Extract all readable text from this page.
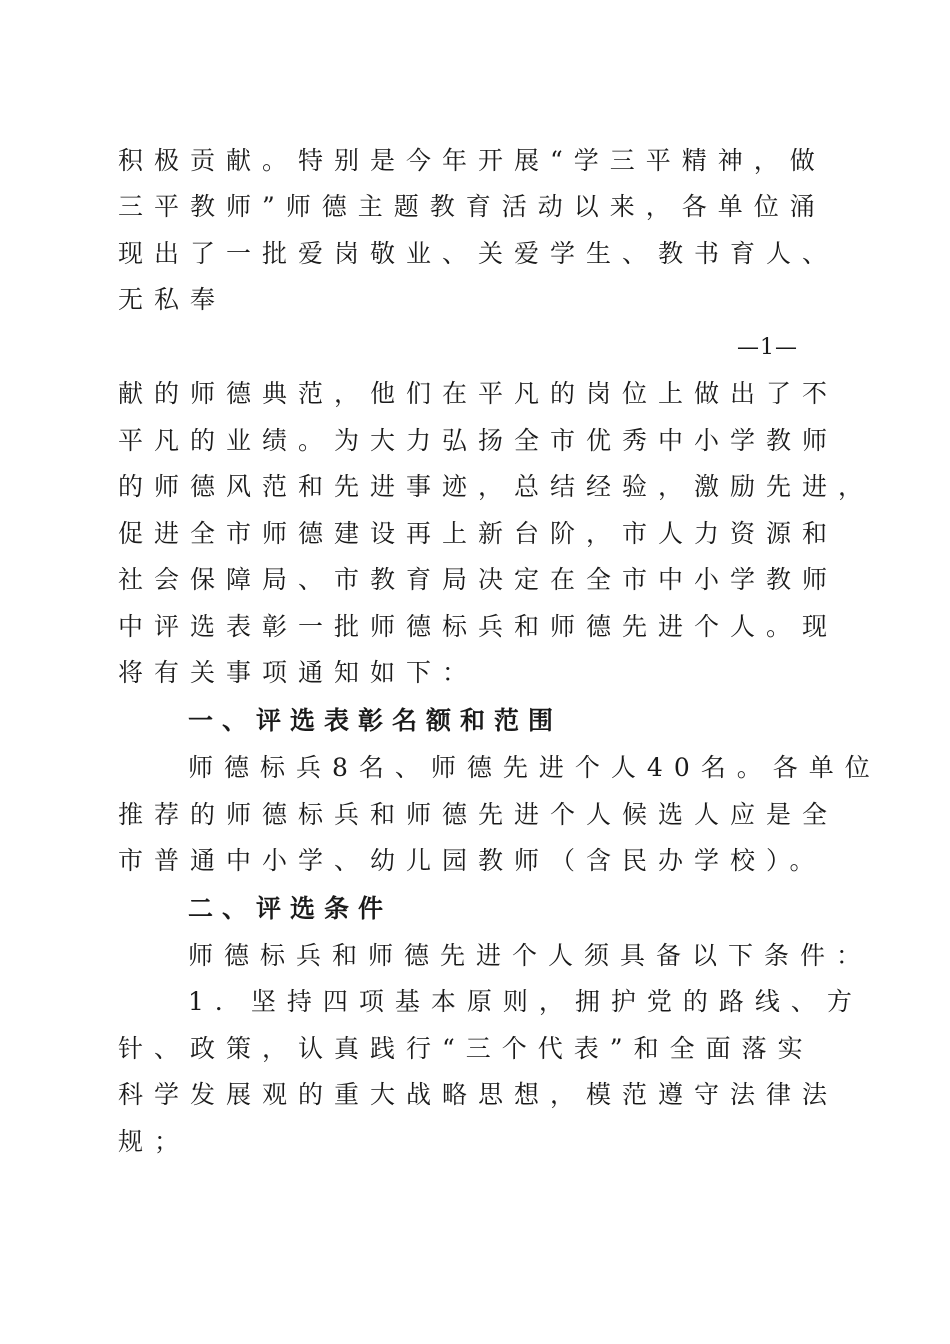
积极贡献。特别是今年开展“学三平精神，做
三平教师”师德主题教育活动以来，各单位涌
现出了一批爱岗敬业、关爱学生、教书育人、
无私奉
—1—
献的师德典范，他们在平凡的岗位上做出了不
平凡的业绩。为大力弘扬全市优秀中小学教师
的师德风范和先进事迹，总结经验，激励先进，
促进全市师德建设再上新台阶，市人力资源和
社会保障局、市教育局决定在全市中小学教师
中评选表彰一批师德标兵和师德先进个人。现
将有关事项通知如下：
一、评选表彰名额和范围
师德标兵8名、师德先进个人40名。各单位
推荐的师德标兵和师德先进个人候选人应是全
市普通中小学、幼儿园教师（含民办学校）。
二、评选条件
师德标兵和师德先进个人须具备以下条件：
1．坚持四项基本原则，拥护党的路线、方
针、政策，认真践行“三个代表”和全面落实
科学发展观的重大战略思想，模范遵守法律法
规；
